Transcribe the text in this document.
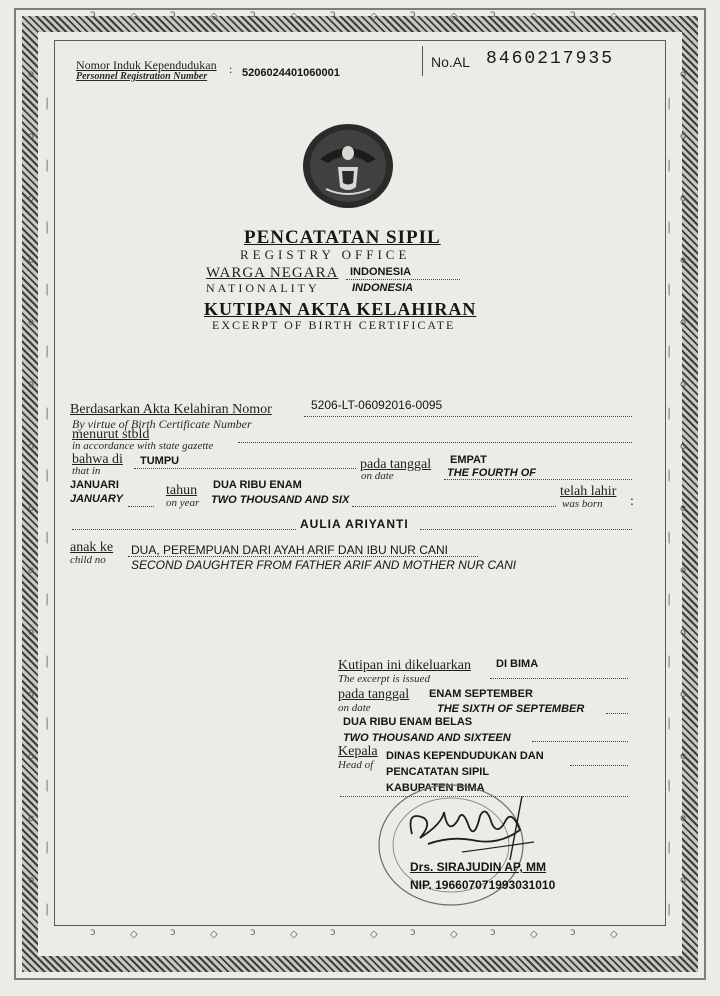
ɔ	◇
ɔ	◇
ɔ	◇
ɔ	◇
ɔ	◇
ɔ	◇
ɔ	◇
ɔ	◇
ɔ	◇
ɔ	◇
ɔ	◇
ɔ	◇
ɔ	◇
ɔ	◇
ο	ο
│	│
ο	ο
│	│
ο	ο
│	│
ο	ο
│	│
ο	ο
│	│
ο	ο
│	│
ο	ο
│	│
ο	ο
│	│
ο	ο
│	│
ο	ο
│	│
ο	ο
│	│
ο	ο
│	│
ο	ο
│	│
ο	ο
│	│
Nomor Induk Kependudukan
Personnel Registration Number
: 5206024401060001
No.AL 8460217935
PENCATATAN SIPIL
REGISTRY OFFICE
WARGA NEGARA
NATIONALITY
INDONESIA
INDONESIA
KUTIPAN AKTA KELAHIRAN
EXCERPT OF BIRTH CERTIFICATE
Berdasarkan Akta Kelahiran Nomor
By virtue of Birth Certificate Number
5206-LT-06092016-0095
menurut stbld
in accordance with state gazette
bahwa di
that in
TUMPU	pada tanggal
on date
EMPAT
THE FOURTH OF
JANUARI
JANUARY
tahun
on year
DUA RIBU ENAM
TWO THOUSAND AND SIX
telah lahir
was born :
AULIA ARIYANTI
anak ke
child no
DUA, PEREMPUAN DARI AYAH ARIF DAN IBU NUR CANI
SECOND DAUGHTER FROM FATHER ARIF AND MOTHER NUR CANI
Kutipan ini dikeluarkan
The excerpt is issued
DI BIMA
pada tanggal
on date
ENAM SEPTEMBER
THE SIXTH OF SEPTEMBER
DUA RIBU ENAM BELAS
TWO THOUSAND AND SIXTEEN
Kepala
Head of
DINAS KEPENDUDUKAN DAN
PENCATATAN SIPIL
KABUPATEN BIMA
Drs. SIRAJUDIN AP, MM
NIP. 196607071993031010
